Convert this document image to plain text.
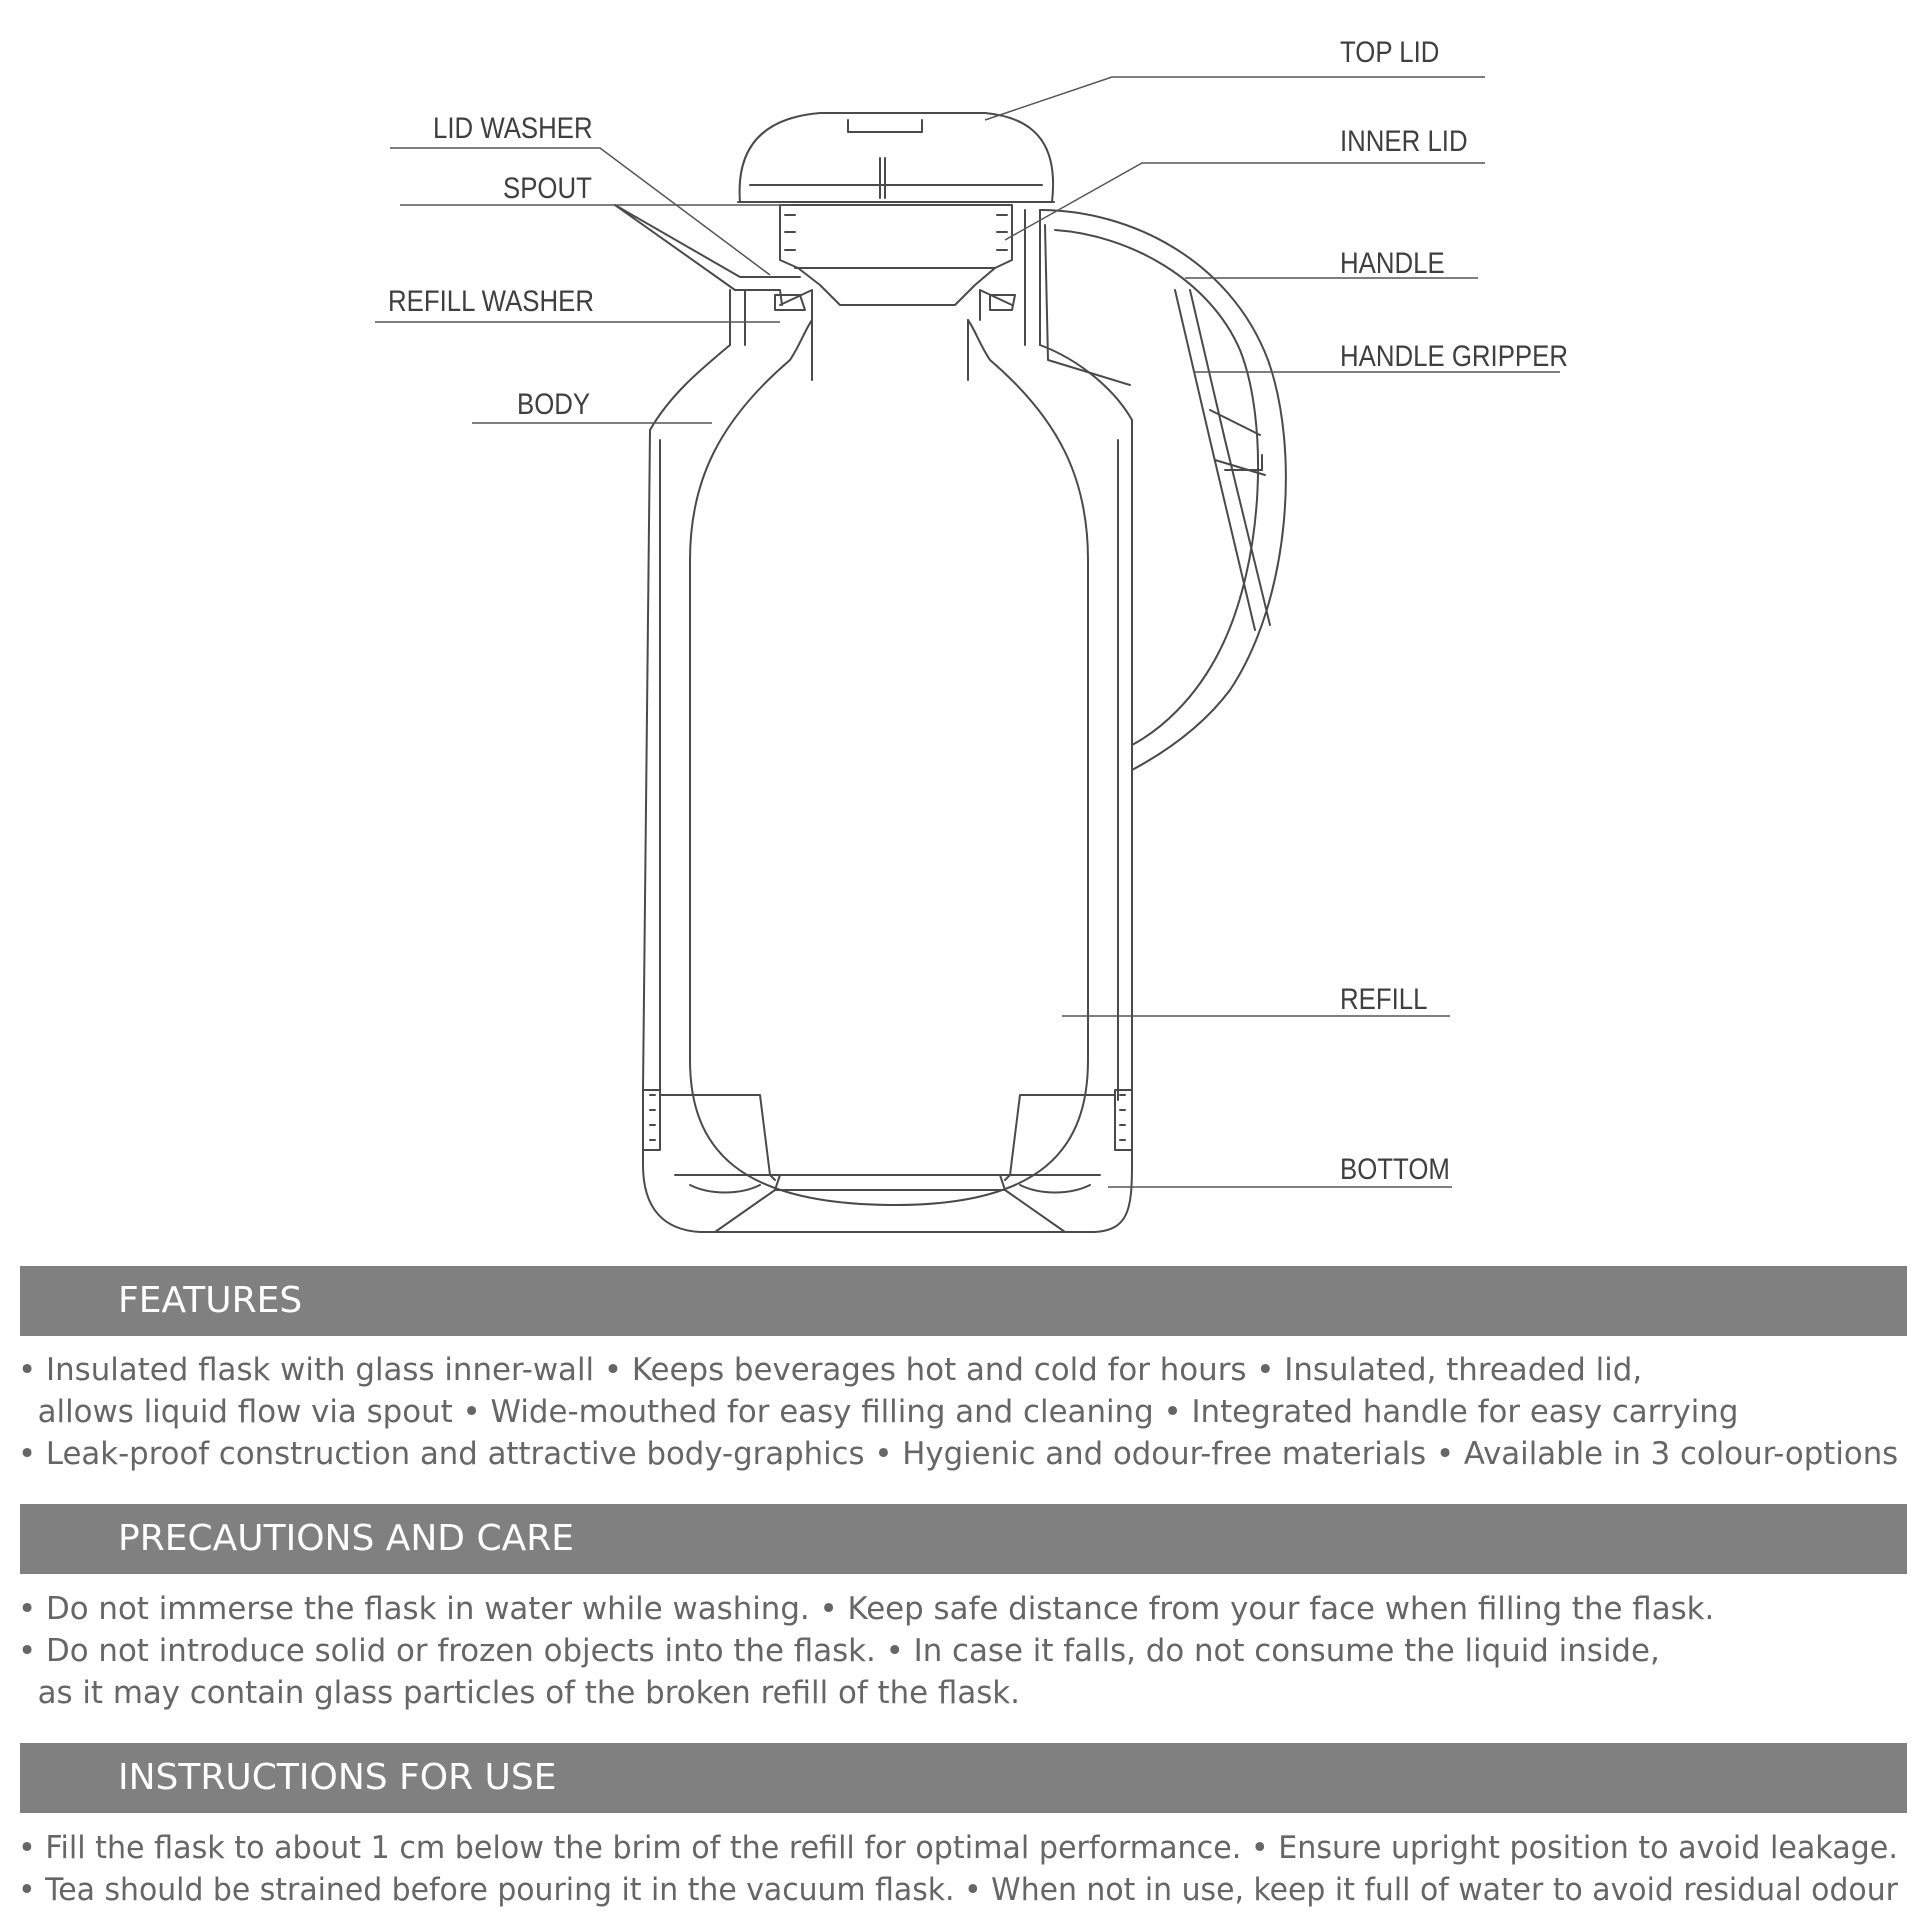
TOP LID
LID WASHER	INNER LID
SPOUT
HANDLE
REFILL WASHER
HANDLE GRIPPER
BODY
REFILL
BOTTOM
FEATURES
• Insulated flask with glass inner-wall • Keeps beverages hot and cold for hours • Insulated, threaded lid,
allows liquid flow via spout • Wide-mouthed for easy filling and cleaning • Integrated handle for easy carrying
• Leak-proof construction and attractive body-graphics • Hygienic and odour-free materials • Available in 3 colour-options
PRECAUTIONS AND CARE
• Do not immerse the flask in water while washing. • Keep safe distance from your face when filling the flask.
• Do not introduce solid or frozen objects into the flask. • In case it falls, do not consume the liquid inside,
as it may contain glass particles of the broken refill of the flask.
INSTRUCTIONS FOR USE
• Fill the flask to about 1 cm below the brim of the refill for optimal performance. • Ensure upright position to avoid leakage.
• Tea should be strained before pouring it in the vacuum flask. • When not in use, keep it full of water to avoid residual odour
